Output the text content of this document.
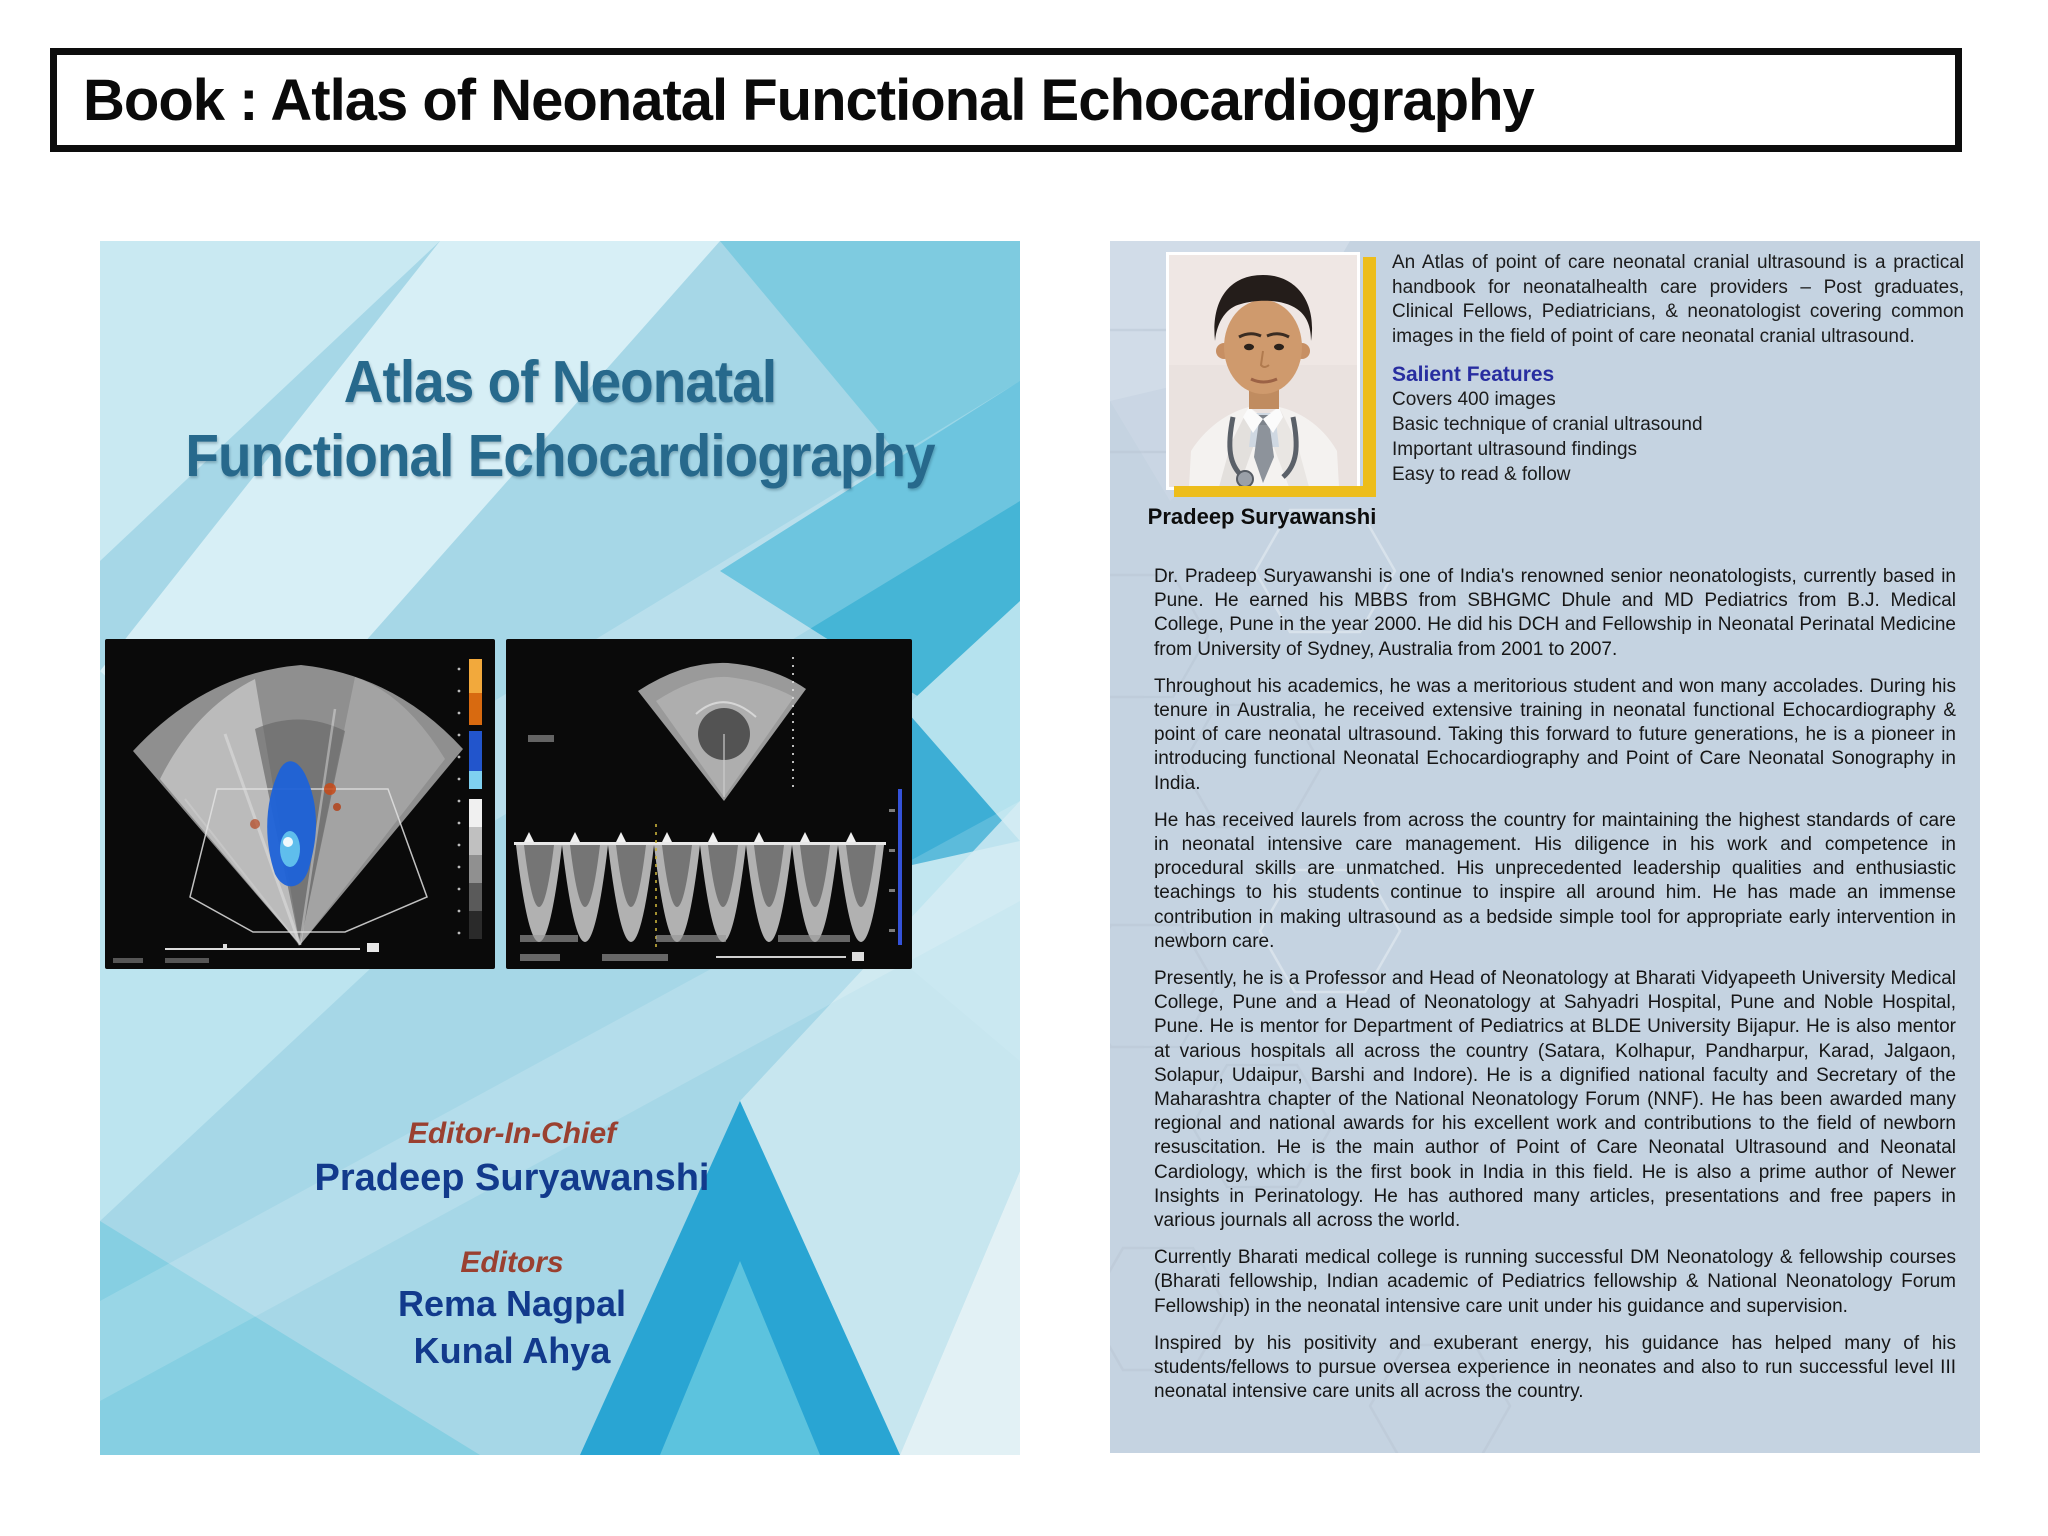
Book : Atlas of Neonatal Functional Echocardiography
Atlas of Neonatal
Functional Echocardiography
Editor-In-Chief
Pradeep Suryawanshi
Editors
Rema Nagpal
Kunal Ahya
Pradeep Suryawanshi

An Atlas of point of care neonatal cranial ultrasound is a practical handbook for neonatalhealth care providers – Post graduates, Clinical Fellows, Pediatricians, & neonatologist covering common images in the field of point of care neonatal cranial ultrasound.

Salient Features
Covers 400 images
Basic technique of cranial ultrasound
Important ultrasound findings
Easy to read & follow

Dr. Pradeep Suryawanshi is one of India's renowned senior neonatologists, currently based in Pune. He earned his MBBS from SBHGMC Dhule and MD Pediatrics from B.J. Medical College, Pune in the year 2000. He did his DCH and Fellowship in Neonatal Perinatal Medicine from University of Sydney, Australia from 2001 to 2007.

Throughout his academics, he was a meritorious student and won many accolades. During his tenure in Australia, he received extensive training in neonatal functional Echocardiography & point of care neonatal ultrasound. Taking this forward to future generations, he is a pioneer in introducing functional Neonatal Echocardiography and Point of Care Neonatal Sonography in India.

He has received laurels from across the country for maintaining the highest standards of care in neonatal intensive care management. His diligence in his work and competence in procedural skills are unmatched. His unprecedented leadership qualities and enthusiastic teachings to his students continue to inspire all around him. He has made an immense contribution in making ultrasound as a bedside simple tool for appropriate early intervention in newborn care.

Presently, he is a Professor and Head of Neonatology at Bharati Vidyapeeth University Medical College, Pune and a Head of Neonatology at Sahyadri Hospital, Pune and Noble Hospital, Pune. He is mentor for Department of Pediatrics at BLDE University Bijapur. He is also mentor at various hospitals all across the country (Satara, Kolhapur, Pandharpur, Karad, Jalgaon, Solapur, Udaipur, Barshi and Indore). He is a dignified national faculty and Secretary of the Maharashtra chapter of the National Neonatology Forum (NNF). He has been awarded many regional and national awards for his excellent work and contributions to the field of newborn resuscitation. He is the main author of Point of Care Neonatal Ultrasound and Neonatal Cardiology, which is the first book in India in this field. He is also a prime author of Newer Insights in Perinatology. He has authored many articles, presentations and free papers in various journals all across the world.

Currently Bharati medical college is running successful DM Neonatology & fellowship courses (Bharati fellowship, Indian academic of Pediatrics fellowship & National Neonatology Forum Fellowship) in the neonatal intensive care unit under his guidance and supervision.

Inspired by his positivity and exuberant energy, his guidance has helped many of his students/fellows to pursue oversea experience in neonates and also to run successful level III neonatal intensive care units all across the country.
